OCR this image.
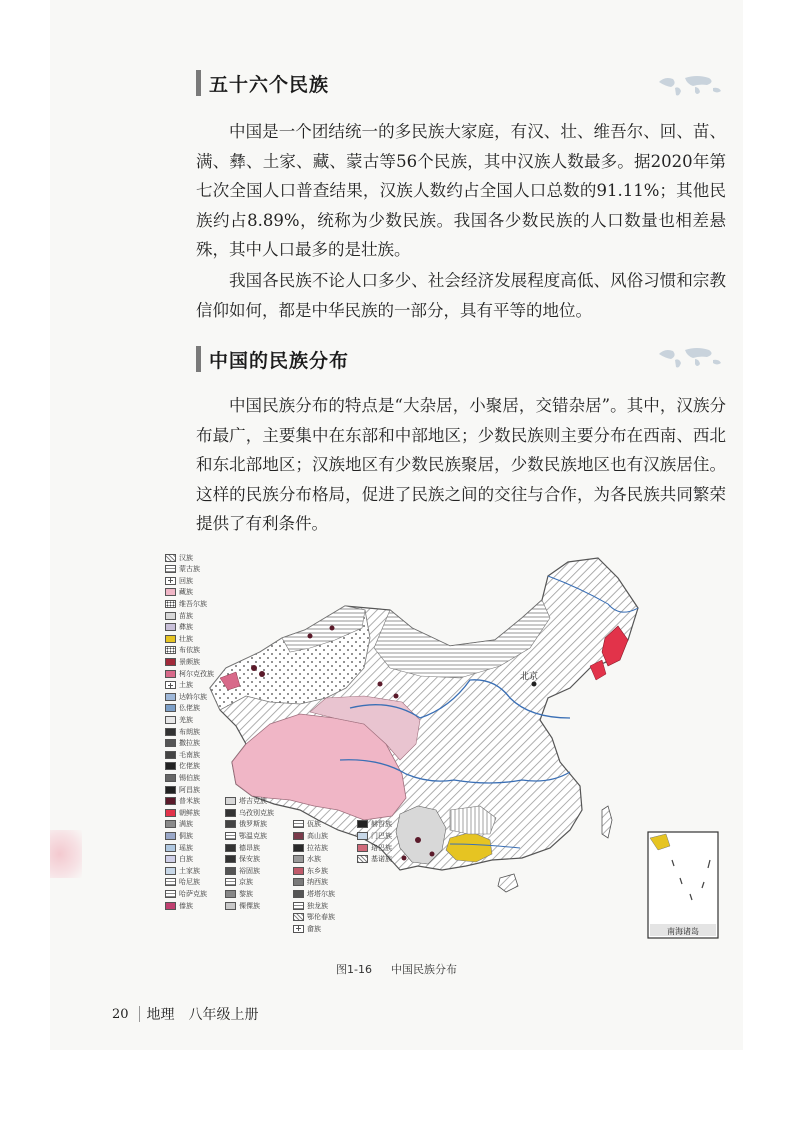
五十六个民族
中国是一个团结统一的多民族大家庭，有汉、壮、维吾尔、回、苗、满、彝、土家、藏、蒙古等56个民族，其中汉族人数最多。据2020年第七次全国人口普查结果，汉族人数约占全国人口总数的91.11%；其他民族约占8.89%，统称为少数民族。我国各少数民族的人口数量也相差悬殊，其中人口最多的是壮族。
我国各民族不论人口多少、社会经济发展程度高低、风俗习惯和宗教信仰如何，都是中华民族的一部分，具有平等的地位。
中国的民族分布
中国民族分布的特点是“大杂居，小聚居，交错杂居”。其中，汉族分布最广，主要集中在东部和中部地区；少数民族则主要分布在西南、西北和东北部地区；汉族地区有少数民族聚居，少数民族地区也有汉族居住。这样的民族分布格局，促进了民族之间的交往与合作，为各民族共同繁荣提供了有利条件。
北京
南海诸岛
汉族
蒙古族
回族
藏族
维吾尔族
苗族
彝族
壮族
布依族
景颇族
柯尔克孜族
土族
达斡尔族
仫佬族
羌族
布朗族
撒拉族
毛南族
仡佬族
锡伯族
阿昌族
普米族
朝鲜族
满族
侗族
瑶族
白族
土家族
哈尼族
哈萨克族
傣族
塔吉克族
乌孜别克族
俄罗斯族
鄂温克族
德昂族
保安族
裕固族
京族
黎族
傈僳族
佤族
高山族
拉祜族
水族
东乡族
纳西族
塔塔尔族
独龙族
鄂伦春族
畲族
赫哲族
门巴族
珞巴族
基诺族
图1-16 中国民族分布
20 地理　八年级上册
